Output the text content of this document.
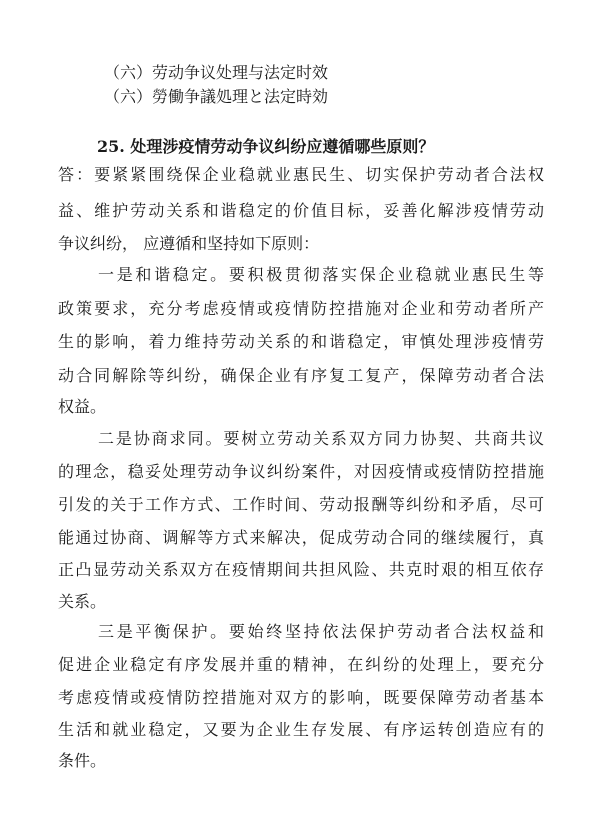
（六）劳动争议处理与法定时效
（六）勞働争議処理と法定時効
25. 处理涉疫情劳动争议纠纷应遵循哪些原则？
答：要紧紧围绕保企业稳就业惠民生、切实保护劳动者合法权
益、维护劳动关系和谐稳定的价值目标，妥善化解涉疫情劳动
争议纠纷， 应遵循和坚持如下原则：
一是和谐稳定。要积极贯彻落实保企业稳就业惠民生等
政策要求，充分考虑疫情或疫情防控措施对企业和劳动者所产
生的影响，着力维持劳动关系的和谐稳定，审慎处理涉疫情劳
动合同解除等纠纷，确保企业有序复工复产，保障劳动者合法
权益。
二是协商求同。要树立劳动关系双方同力协契、共商共议
的理念，稳妥处理劳动争议纠纷案件，对因疫情或疫情防控措施
引发的关于工作方式、工作时间、劳动报酬等纠纷和矛盾，尽可
能通过协商、调解等方式来解决，促成劳动合同的继续履行，真
正凸显劳动关系双方在疫情期间共担风险、共克时艰的相互依存
关系。
三是平衡保护。要始终坚持依法保护劳动者合法权益和
促进企业稳定有序发展并重的精神，在纠纷的处理上，要充分
考虑疫情或疫情防控措施对双方的影响，既要保障劳动者基本
生活和就业稳定，又要为企业生存发展、有序运转创造应有的
条件。
